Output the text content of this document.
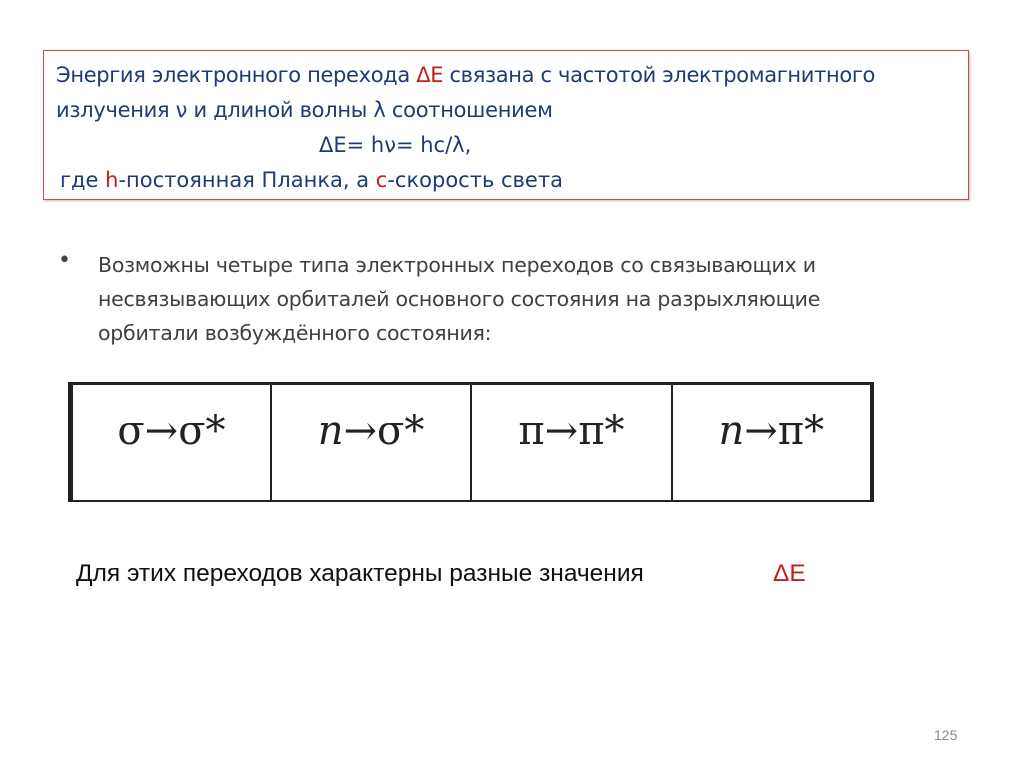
Энергия электронного перехода ΔЕ связана с частотой электромагнитного
излучения ν и длиной волны λ соотношением
ΔЕ= hν= hc/λ,
где h-постоянная Планка, а c-скорость света
• Возможны четыре типа электронных переходов со связывающих и
несвязывающих орбиталей основного состояния на разрыхляющие
орбитали возбуждённого состояния:
σ→σ*	n→σ*	π→π*	n→π*
Для этих переходов характерны разные значения	ΔЕ
125
